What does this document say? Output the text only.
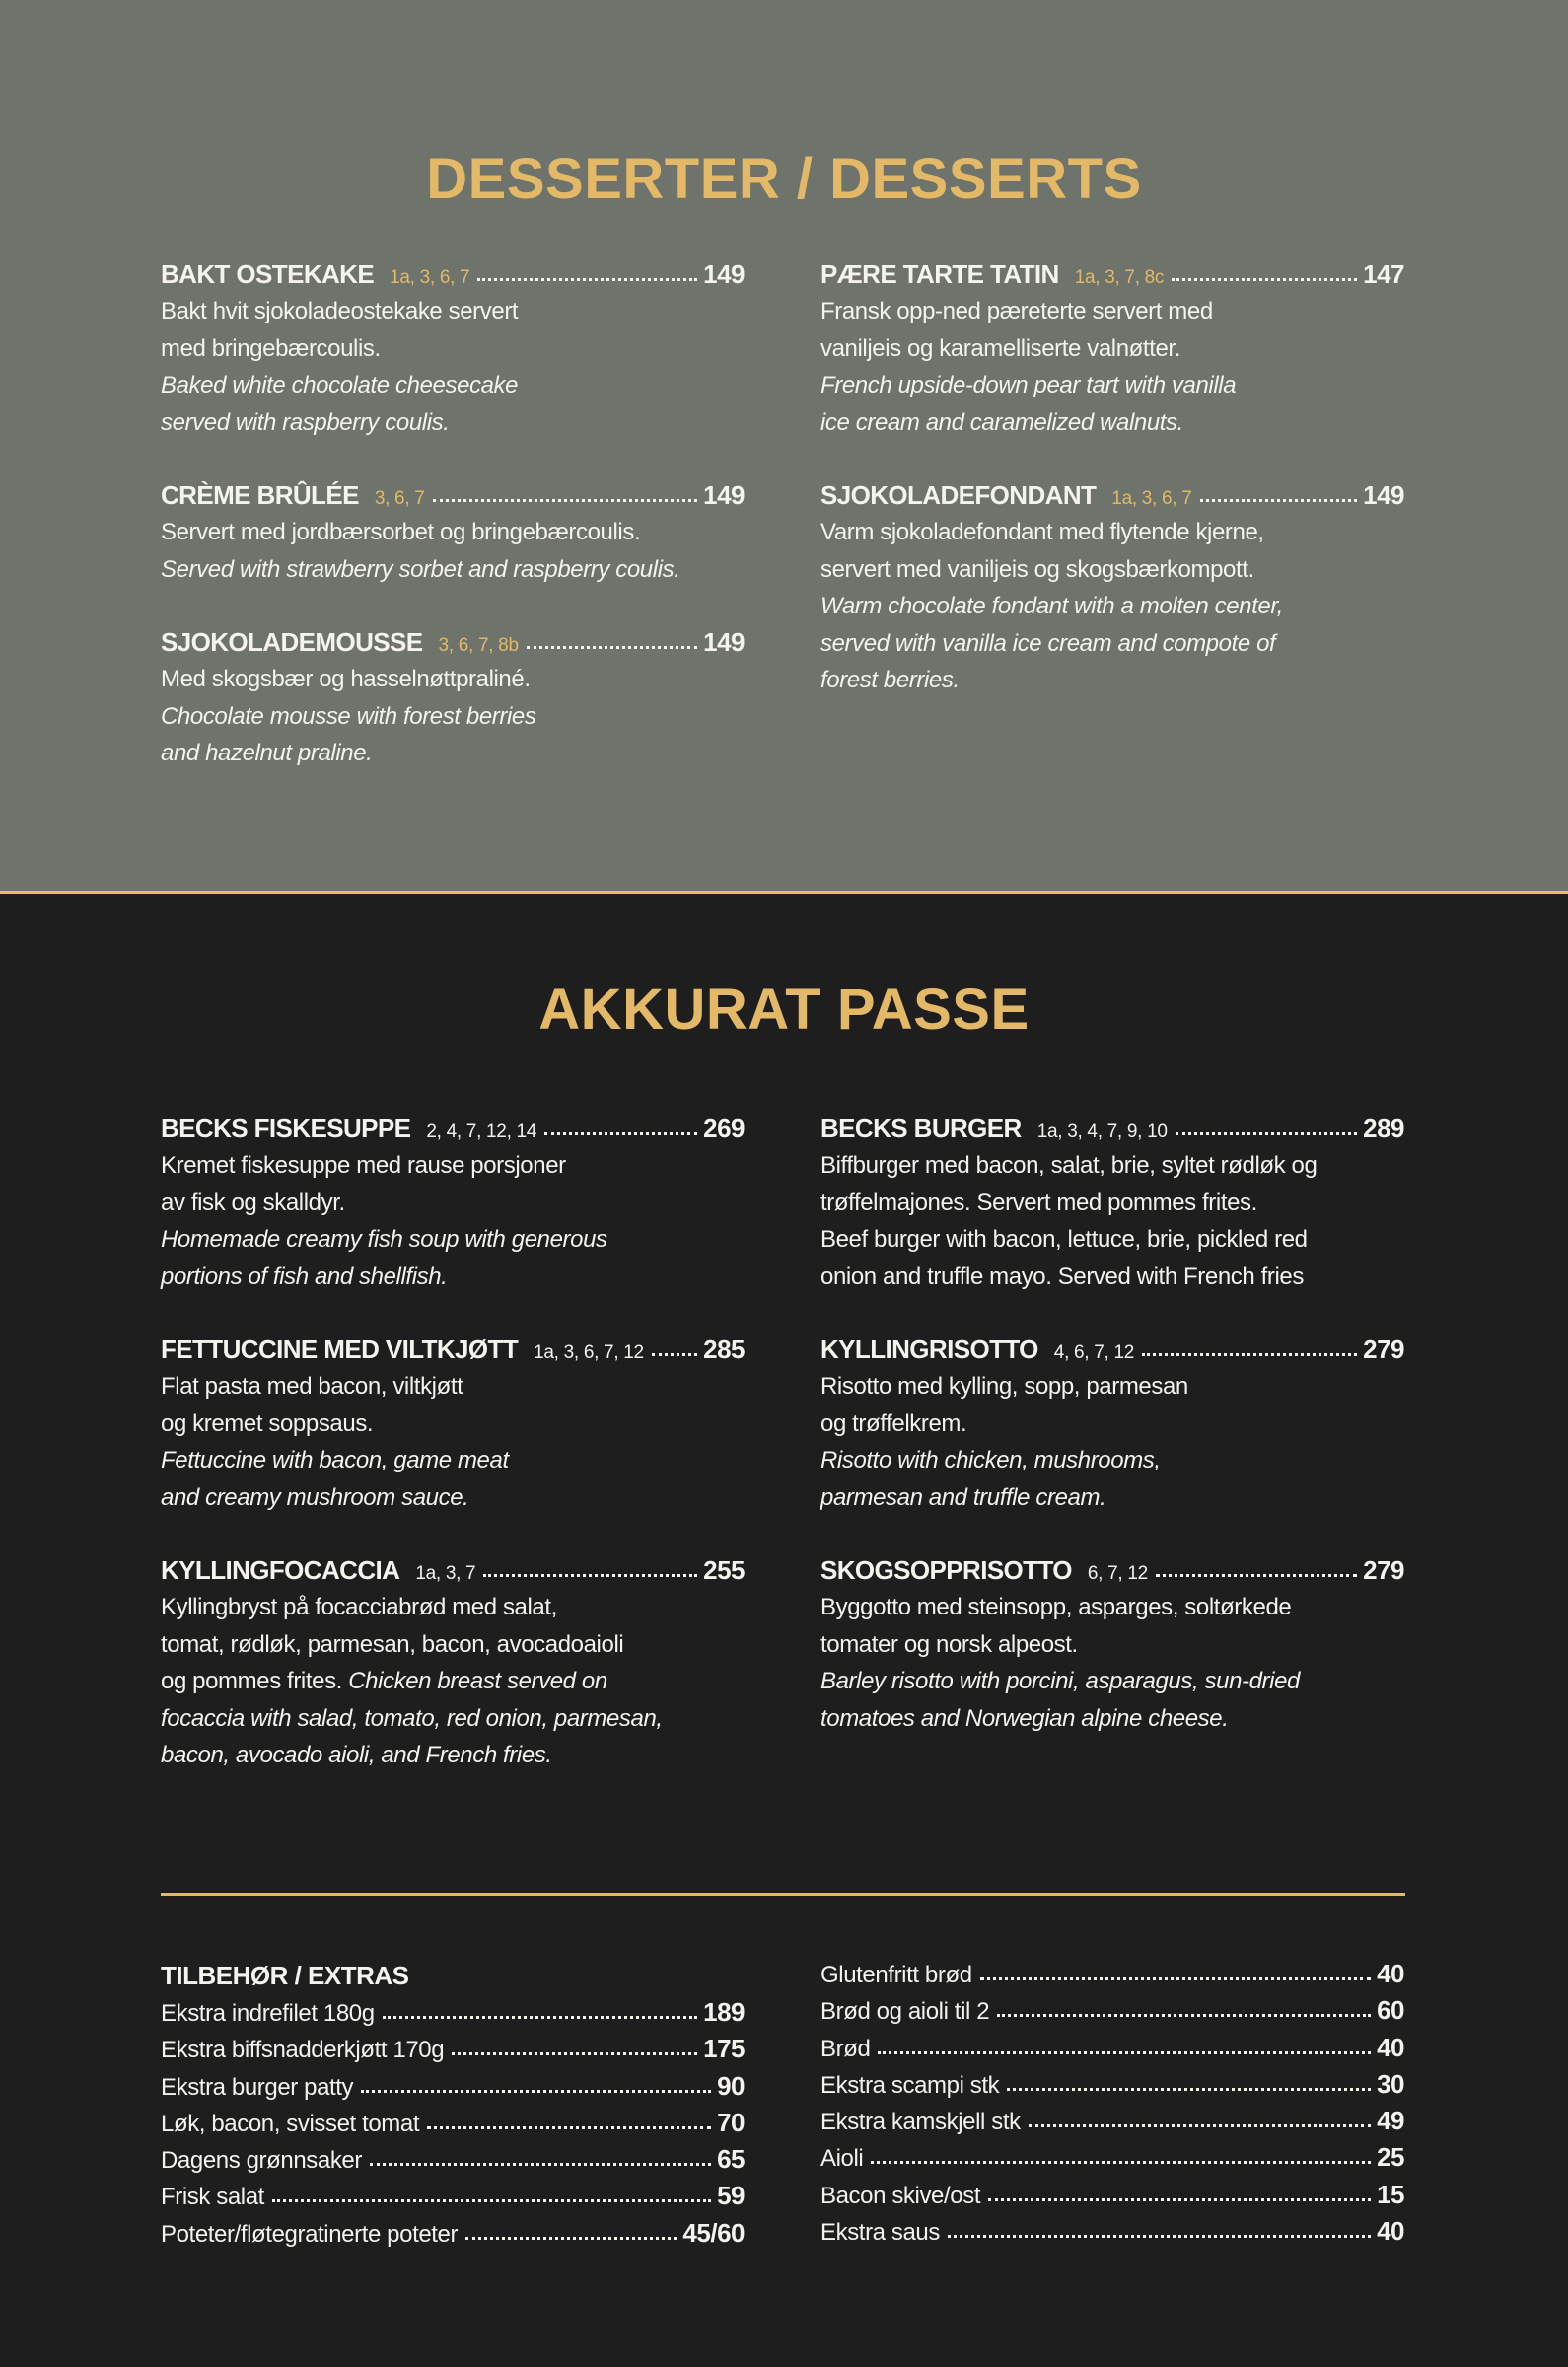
DESSERTER / DESSERTS
BAKT OSTEKAKE 1a, 3, 6, 7	149
Bakt hvit sjokoladeostekake servert
med bringebærcoulis.
Baked white chocolate cheesecake
served with raspberry coulis.
CRÈME BRÛLÉE 3, 6, 7	149
Servert med jordbærsorbet og bringebærcoulis.
Served with strawberry sorbet and raspberry coulis.
SJOKOLADEMOUSSE 3, 6, 7, 8b	149
Med skogsbær og hasselnøttpraliné.
Chocolate mousse with forest berries
and hazelnut praline.
PÆRE TARTE TATIN 1a, 3, 7, 8c	147
Fransk opp-ned pæreterte servert med
vaniljeis og karamelliserte valnøtter.
French upside-down pear tart with vanilla
ice cream and caramelized walnuts.
SJOKOLADEFONDANT 1a, 3, 6, 7	149
Varm sjokoladefondant med flytende kjerne,
servert med vaniljeis og skogsbærkompott.
Warm chocolate fondant with a molten center,
served with vanilla ice cream and compote of
forest berries.
AKKURAT PASSE
BECKS FISKESUPPE 2, 4, 7, 12, 14	269
Kremet fiskesuppe med rause porsjoner
av fisk og skalldyr.
Homemade creamy fish soup with generous
portions of fish and shellfish.
FETTUCCINE MED VILTKJØTT 1a, 3, 6, 7, 12 285
Flat pasta med bacon, viltkjøtt
og kremet soppsaus.
Fettuccine with bacon, game meat
and creamy mushroom sauce.
KYLLINGFOCACCIA 1a, 3, 7	255
Kyllingbryst på focacciabrød med salat,
tomat, rødløk, parmesan, bacon, avocadoaioli
og pommes frites. Chicken breast served on
focaccia with salad, tomato, red onion, parmesan,
bacon, avocado aioli, and French fries.
BECKS BURGER 1a, 3, 4, 7, 9, 10	289
Biffburger med bacon, salat, brie, syltet rødløk og
trøffelmajones. Servert med pommes frites.
Beef burger with bacon, lettuce, brie, pickled red
onion and truffle mayo. Served with French fries
KYLLINGRISOTTO 4, 6, 7, 12	279
Risotto med kylling, sopp, parmesan
og trøffelkrem.
Risotto with chicken, mushrooms,
parmesan and truffle cream.
SKOGSOPPRISOTTO 6, 7, 12	279
Byggotto med steinsopp, asparges, soltørkede
tomater og norsk alpeost.
Barley risotto with porcini, asparagus, sun-dried
tomatoes and Norwegian alpine cheese.
TILBEHØR / EXTRAS
Ekstra indrefilet 180g	189
Ekstra biffsnadderkjøtt 170g	175
Ekstra burger patty	90
Løk, bacon, svisset tomat	70
Dagens grønnsaker	65
Frisk salat	59
Poteter/fløtegratinerte poteter	45/60
Glutenfritt brød	40
Brød og aioli til 2	60
Brød	40
Ekstra scampi stk	30
Ekstra kamskjell stk	49
Aioli	25
Bacon skive/ost	15
Ekstra saus	40
